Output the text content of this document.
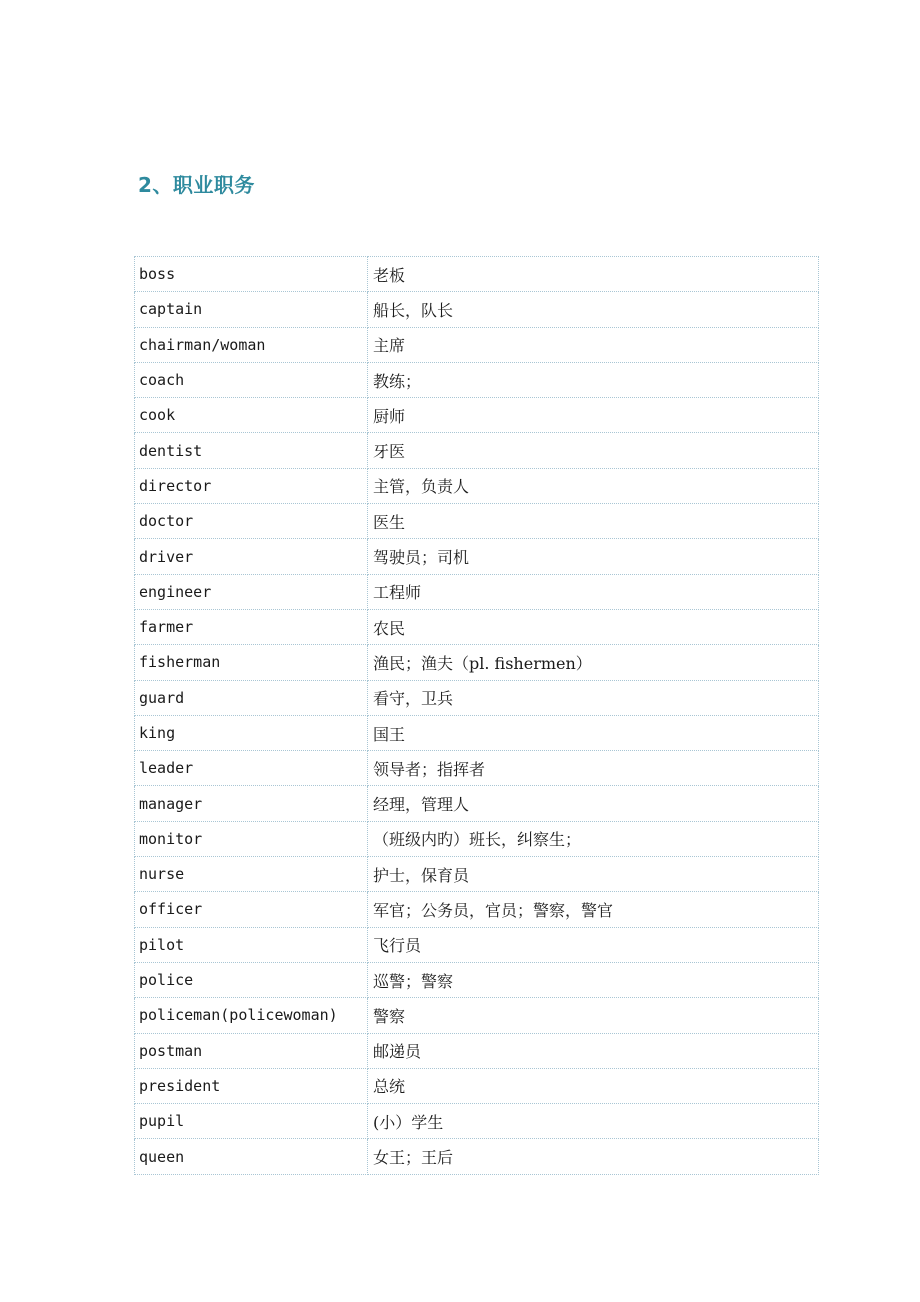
2、职业职务
boss	老板
captain	船长，队长
chairman/woman	主席
coach	教练；
cook	厨师
dentist	牙医
director	主管，负责人
doctor	医生
driver	驾驶员；司机
engineer	工程师
farmer	农民
fisherman	渔民；渔夫（pl. fishermen）
guard	看守，卫兵
king	国王
leader	领导者；指挥者
manager	经理，管理人
monitor	（班级内旳）班长，纠察生；
nurse	护士，保育员
officer	军官；公务员，官员；警察，警官
pilot	飞行员
police	巡警；警察
policeman(policewoman)	警察
postman	邮递员
president	总统
pupil	(小）学生
queen	女王；王后
